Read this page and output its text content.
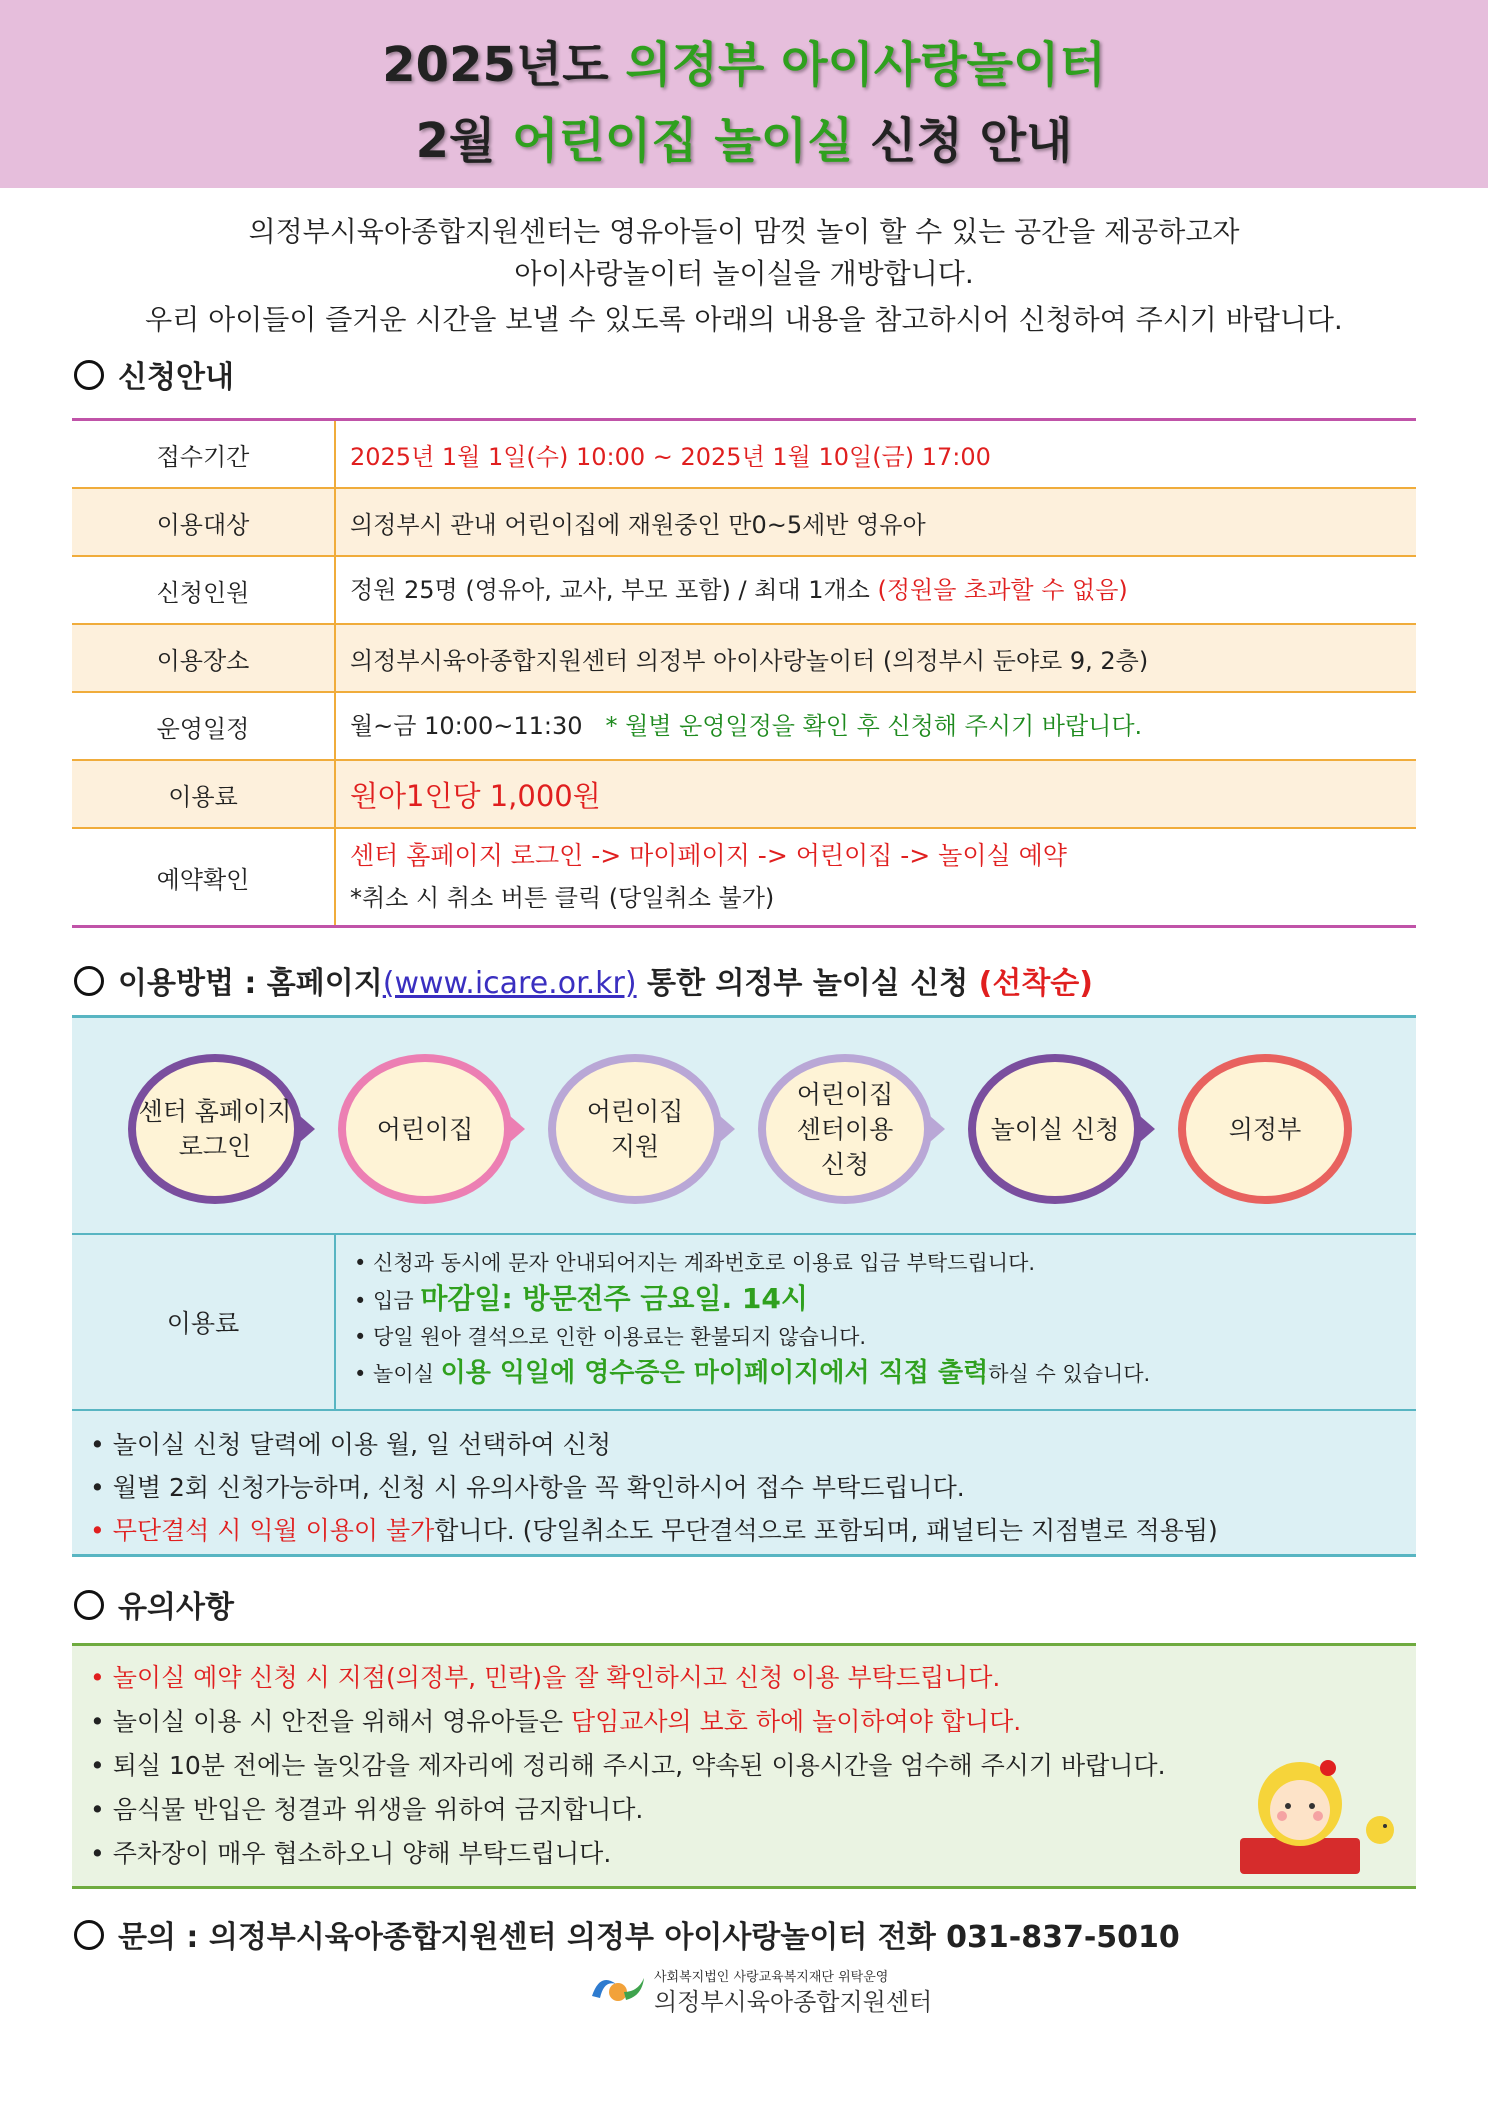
2025년도 의정부 아이사랑놀이터
2월 어린이집 놀이실 신청 안내
의정부시육아종합지원센터는 영유아들이 맘껏 놀이 할 수 있는 공간을 제공하고자
아이사랑놀이터 놀이실을 개방합니다.
우리 아이들이 즐거운 시간을 보낼 수 있도록 아래의 내용을 참고하시어 신청하여 주시기 바랍니다.
신청안내
접수기간	2025년 1월 1일(수) 10:00 ~ 2025년 1월 10일(금) 17:00
이용대상	의정부시 관내 어린이집에 재원중인 만0~5세반 영유아
신청인원	정원 25명 (영유아, 교사, 부모 포함) / 최대 1개소 (정원을 초과할 수 없음)
이용장소	의정부시육아종합지원센터 의정부 아이사랑놀이터 (의정부시 둔야로 9, 2층)
운영일정	월~금 10:00~11:30 * 월별 운영일정을 확인 후 신청해 주시기 바랍니다.
이용료	원아1인당 1,000원
예약확인
센터 홈페이지 로그인 -> 마이페이지 -> 어린이집 -> 놀이실 예약
*취소 시 취소 버튼 클릭 (당일취소 불가)
이용방법 : 홈페이지(www.icare.or.kr) 통한 의정부 놀이실 신청 (선착순)
센터 홈페이지
로그인
어린이집
어린이집
지원
어린이집
센터이용
신청
놀이실 신청	의정부
이용료
• 신청과 동시에 문자 안내되어지는 계좌번호로 이용료 입금 부탁드립니다.
• 입금 마감일: 방문전주 금요일. 14시
• 당일 원아 결석으로 인한 이용료는 환불되지 않습니다.
• 놀이실 이용 익일에 영수증은 마이페이지에서 직접 출력하실 수 있습니다.
• 놀이실 신청 달력에 이용 월, 일 선택하여 신청
• 월별 2회 신청가능하며, 신청 시 유의사항을 꼭 확인하시어 접수 부탁드립니다.
• 무단결석 시 익월 이용이 불가합니다. (당일취소도 무단결석으로 포함되며, 패널티는 지점별로 적용됨)
유의사항
• 놀이실 예약 신청 시 지점(의정부, 민락)을 잘 확인하시고 신청 이용 부탁드립니다.
• 놀이실 이용 시 안전을 위해서 영유아들은 담임교사의 보호 하에 놀이하여야 합니다.
• 퇴실 10분 전에는 놀잇감을 제자리에 정리해 주시고, 약속된 이용시간을 엄수해 주시기 바랍니다.
• 음식물 반입은 청결과 위생을 위하여 금지합니다.
• 주차장이 매우 협소하오니 양해 부탁드립니다.
문의 : 의정부시육아종합지원센터 의정부 아이사랑놀이터 전화 031-837-5010
사회복지법인 사랑교육복지재단 위탁운영
의정부시육아종합지원센터
